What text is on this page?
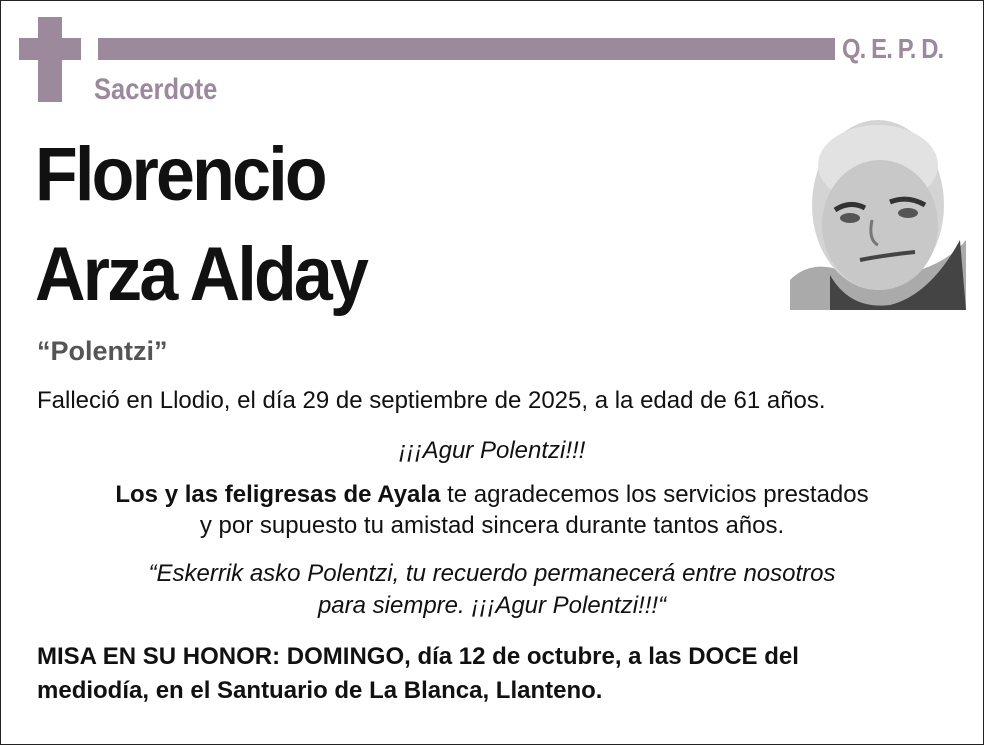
Q. E. P. D.
Sacerdote
Florencio
Arza Alday
“Polentzi”
Falleció en Llodio, el día 29 de septiembre de 2025, a la edad de 61 años.
¡¡¡Agur Polentzi!!!
Los y las feligresas de Ayala te agradecemos los servicios prestados
y por supuesto tu amistad sincera durante tantos años.
“Eskerrik asko Polentzi, tu recuerdo permanecerá entre nosotros
para siempre. ¡¡¡Agur Polentzi!!!“
MISA EN SU HONOR: DOMINGO, día 12 de octubre, a las DOCE del
mediodía, en el Santuario de La Blanca, Llanteno.
